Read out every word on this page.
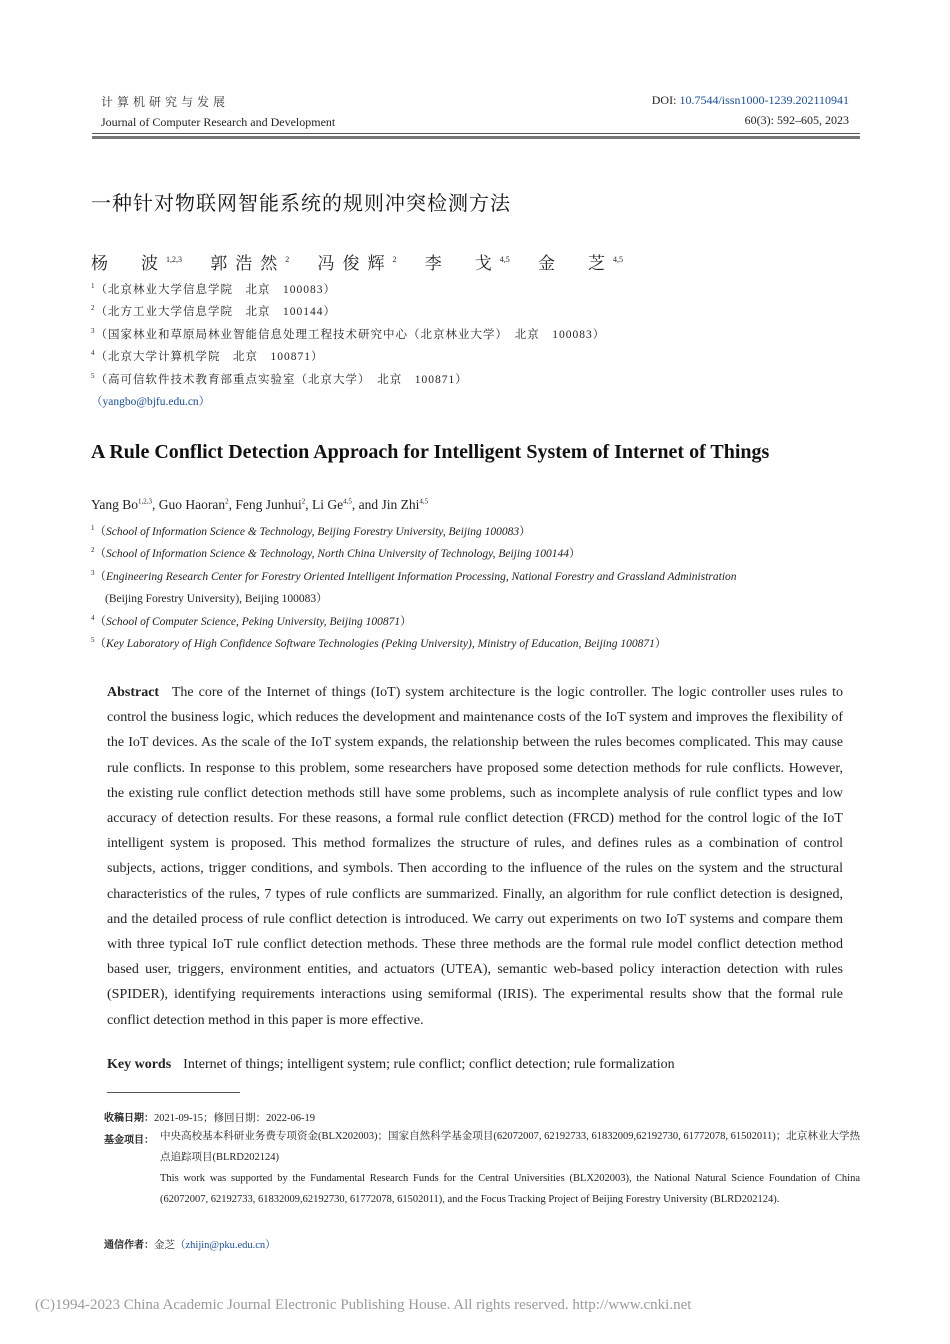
计算机研究与发展
Journal of Computer Research and Development
DOI: 10.7544/issn1000-1239.202110941
60(3): 592–605, 2023
一种针对物联网智能系统的规则冲突检测方法
杨　波$^{1,2,3}$ 郭浩然$^2$ 冯俊辉$^2$ 李　戈$^{4,5}$ 金　芝$^{4,5}$
$^1$（北京林业大学信息学院　北京　100083）
$^2$（北方工业大学信息学院　北京　100144）
$^3$（国家林业和草原局林业智能信息处理工程技术研究中心（北京林业大学）　北京　100083）
$^4$（北京大学计算机学院　北京　100871）
$^5$（高可信软件技术教育部重点实验室（北京大学）　北京　100871）
（yangbo@bjfu.edu.cn）
A Rule Conflict Detection Approach for Intelligent System of Internet of Things
Yang Bo$^{1,2,3}$, Guo Haoran$^2$, Feng Junhui$^2$, Li Ge$^{4,5}$, and Jin Zhi$^{4,5}$
$^1$（School of Information Science & Technology, Beijing Forestry University, Beijing 100083）
$^2$（School of Information Science & Technology, North China University of Technology, Beijing 100144）
$^3$（Engineering Research Center for Forestry Oriented Intelligent Information Processing, National Forestry and Grassland Administration
(Beijing Forestry University), Beijing 100083）
$^4$（School of Computer Science, Peking University, Beijing 100871）
$^5$（Key Laboratory of High Confidence Software Technologies (Peking University), Ministry of Education, Beijing 100871）
Abstract The core of the Internet of things (IoT) system architecture is the logic controller. The logic controller uses rules to control the business logic, which reduces the development and maintenance costs of the IoT system and improves the flexibility of the IoT devices. As the scale of the IoT system expands, the relationship between the rules becomes complicated. This may cause rule conflicts. In response to this problem, some researchers have proposed some detection methods for rule conflicts. However, the existing rule conflict detection methods still have some problems, such as incomplete analysis of rule conflict types and low accuracy of detection results. For these reasons, a formal rule conflict detection (FRCD) method for the control logic of the IoT intelligent system is proposed. This method formalizes the structure of rules, and defines rules as a combination of control subjects, actions, trigger conditions, and symbols. Then according to the influence of the rules on the system and the structural characteristics of the rules, 7 types of rule conflicts are summarized. Finally, an algorithm for rule conflict detection is designed, and the detailed process of rule conflict detection is introduced. We carry out experiments on two IoT systems and compare them with three typical IoT rule conflict detection methods. These three methods are the formal rule model conflict detection method based user, triggers, environment entities, and actuators (UTEA), semantic web-based policy interaction detection with rules (SPIDER), identifying requirements interactions using semiformal (IRIS). The experimental results show that the formal rule conflict detection method in this paper is more effective.
Key words Internet of things; intelligent system; rule conflict; conflict detection; rule formalization
收稿日期：2021-09-15；修回日期：2022-06-19
基金项目： 中央高校基本科研业务费专项资金(BLX202003)；国家自然科学基金项目(62072007, 62192733, 61832009,62192730, 61772078, 61502011)；北京林业大学热点追踪项目(BLRD202124)
This work was supported by the Fundamental Research Funds for the Central Universities (BLX202003), the National Natural Science Foundation of China (62072007, 62192733, 61832009,62192730, 61772078, 61502011), and the Focus Tracking Project of Beijing Forestry University (BLRD202124).
通信作者：金芝（zhijin@pku.edu.cn）
(C)1994-2023 China Academic Journal Electronic Publishing House. All rights reserved. http://www.cnki.net
